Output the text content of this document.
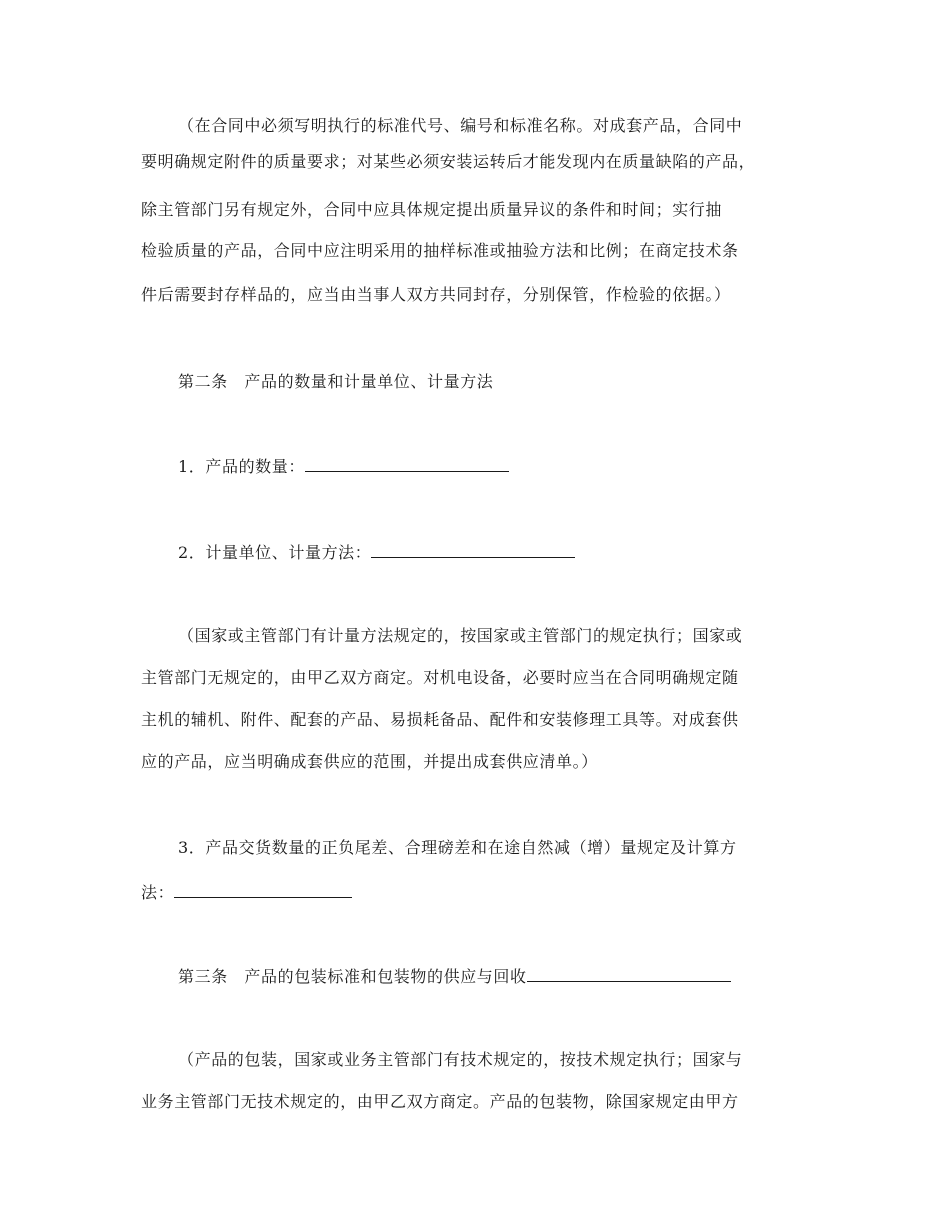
（在合同中必须写明执行的标准代号、编号和标准名称。对成套产品，合同中
要明确规定附件的质量要求；对某些必须安装运转后才能发现内在质量缺陷的产品，
除主管部门另有规定外，合同中应具体规定提出质量异议的条件和时间；实行抽
检验质量的产品，合同中应注明采用的抽样标准或抽验方法和比例；在商定技术条
件后需要封存样品的，应当由当事人双方共同封存，分别保管，作检验的依据。）
第二条　产品的数量和计量单位、计量方法
1．产品的数量：
2．计量单位、计量方法：
（国家或主管部门有计量方法规定的，按国家或主管部门的规定执行；国家或
主管部门无规定的，由甲乙双方商定。对机电设备，必要时应当在合同明确规定随
主机的辅机、附件、配套的产品、易损耗备品、配件和安装修理工具等。对成套供
应的产品，应当明确成套供应的范围，并提出成套供应清单。）
3．产品交货数量的正负尾差、合理磅差和在途自然减（增）量规定及计算方
法：
第三条　产品的包装标准和包装物的供应与回收
（产品的包装，国家或业务主管部门有技术规定的，按技术规定执行；国家与
业务主管部门无技术规定的，由甲乙双方商定。产品的包装物，除国家规定由甲方
